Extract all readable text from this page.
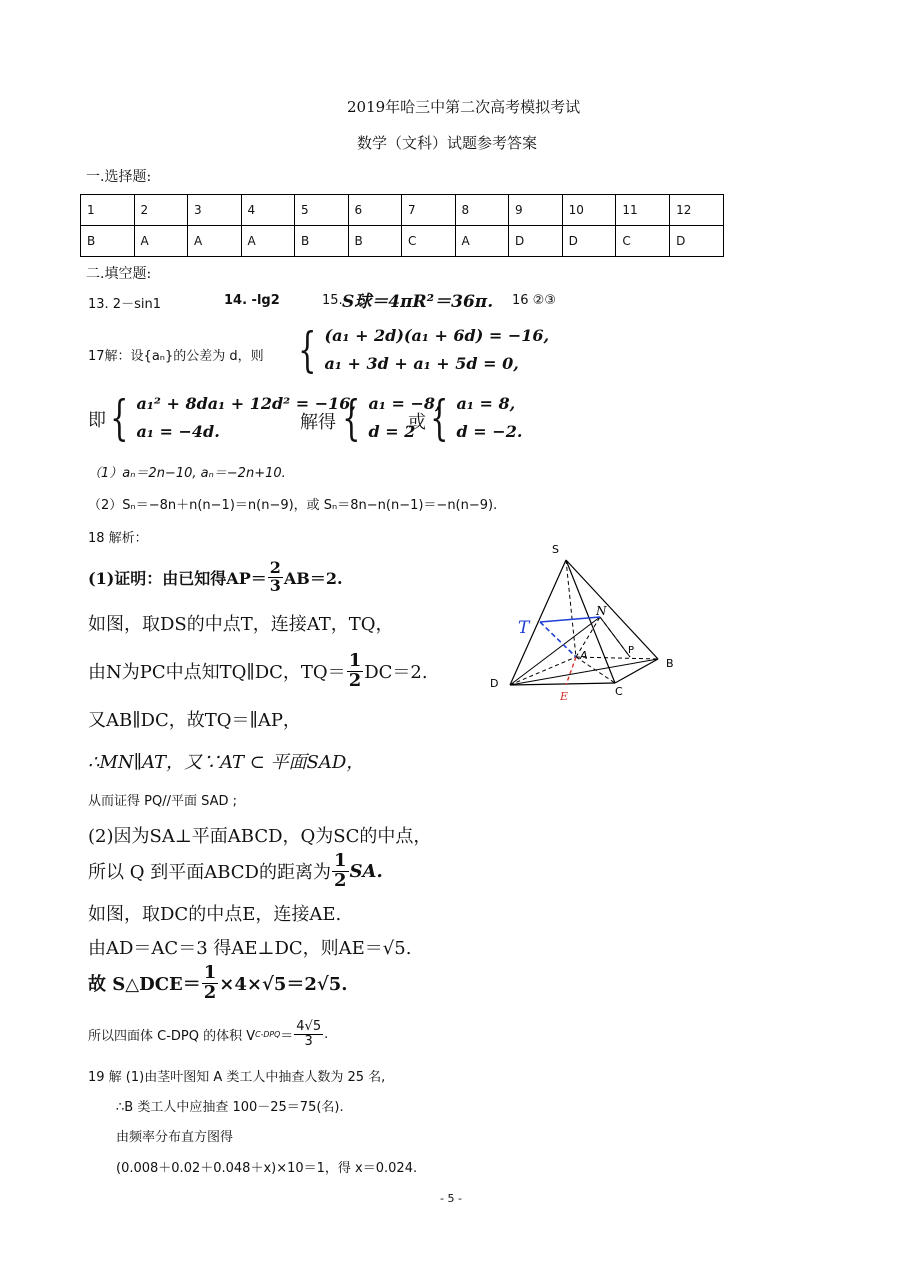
2019年哈三中第二次高考模拟考试
数学（文科）试题参考答案
一.选择题:
1	2	3	4	5	6	7	8	9	10	11	12
B	A	A	A	B	B	C	A	D	D	C	D
二.填空题:
13. 2－sin1	14. -lg2	15. S球＝4πR²＝36π. 16 ②③
17解：设{aₙ}的公差为 d，则 { (a₁ + 2d)(a₁ + 6d) = −16,
a₁ + 3d + a₁ + 5d = 0,
即 { a₁² + 8da₁ + 12d² = −16,
a₁ = −4d.	解得 { a₁ = −8,
d = 2
或 { a₁ = 8,
d = −2.
（1）aₙ＝2n−10, aₙ＝−2n+10.
（2）Sₙ＝−8n＋n(n−1)＝n(n−9)，或 Sₙ＝8n−n(n−1)＝−n(n−9).
18 解析：
(1)证明：由已知得$AP= \frac{2}{3} AB=2$.
如图，取DS的中点T，连接AT，TQ，
由N为PC中点知TQ∥DC，$TQ= \frac{1}{2} DC=2$.
又AB∥DC，故TQ＝∥AP，
∴MN∥AT，又∵AT ⊂ 平面SAD，
从而证得 PQ//平面 SAD ;
(2)因为SA⊥平面ABCD，Q为SC的中点，
所以 Q 到平面ABCD的距离为 $\frac{1}{2}$ SA.
如图，取DC的中点E，连接AE.
由AD＝AC＝3 得AE⊥DC，则AE＝√5.
故 S△DCE＝ $\frac{1}{2} \times 4\times√5=2√5$.
所以四面体 C-DPQ 的体积 V $C-DPQ = \frac{4√5}{3}$ .
19 解 (1)由茎叶图知 A 类工人中抽查人数为 25 名,
∴B 类工人中应抽查 100－25＝75(名).
由频率分布直方图得
(0.008＋0.02＋0.048＋x)×10＝1，得 x＝0.024.
- 5 -
S
N
T
A	P
B
D
C
E
